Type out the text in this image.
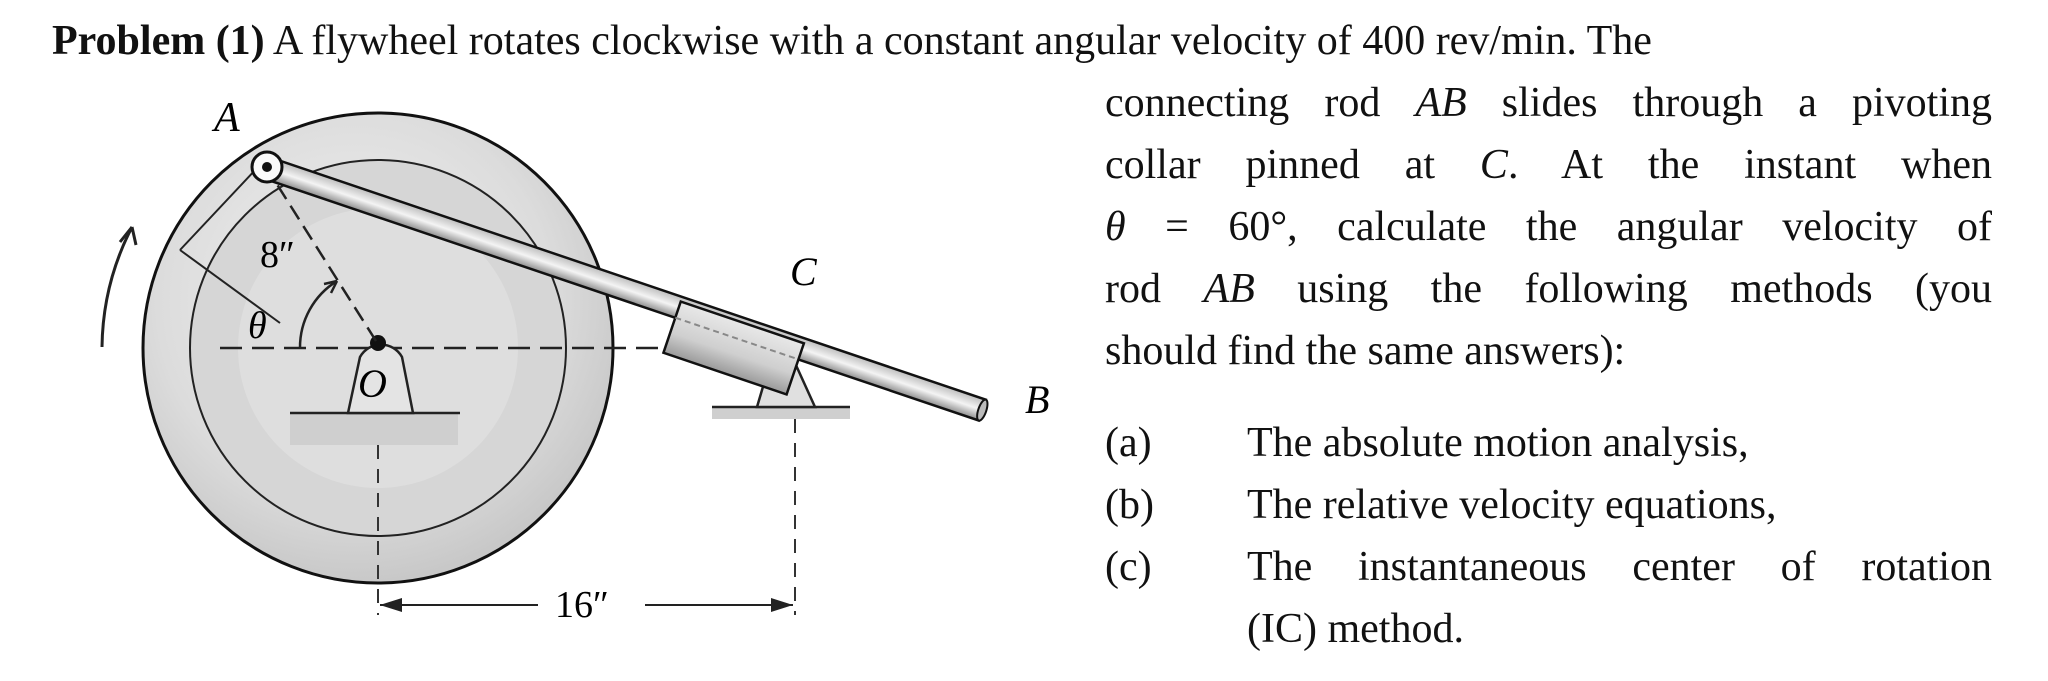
Problem (1) A flywheel rotates clockwise with a constant angular velocity of 400 rev/min. The
connecting rod AB slides through a pivoting
collar pinned at C. At the instant when
θ = 60°, calculate the angular velocity of
rod AB using the following methods (you
should find the same answers):
(a)	The absolute motion analysis,
(b)	The relative velocity equations,
(c)	The instantaneous center of rotation
(IC) method.
A
B
C
O
θ
8″
16″
